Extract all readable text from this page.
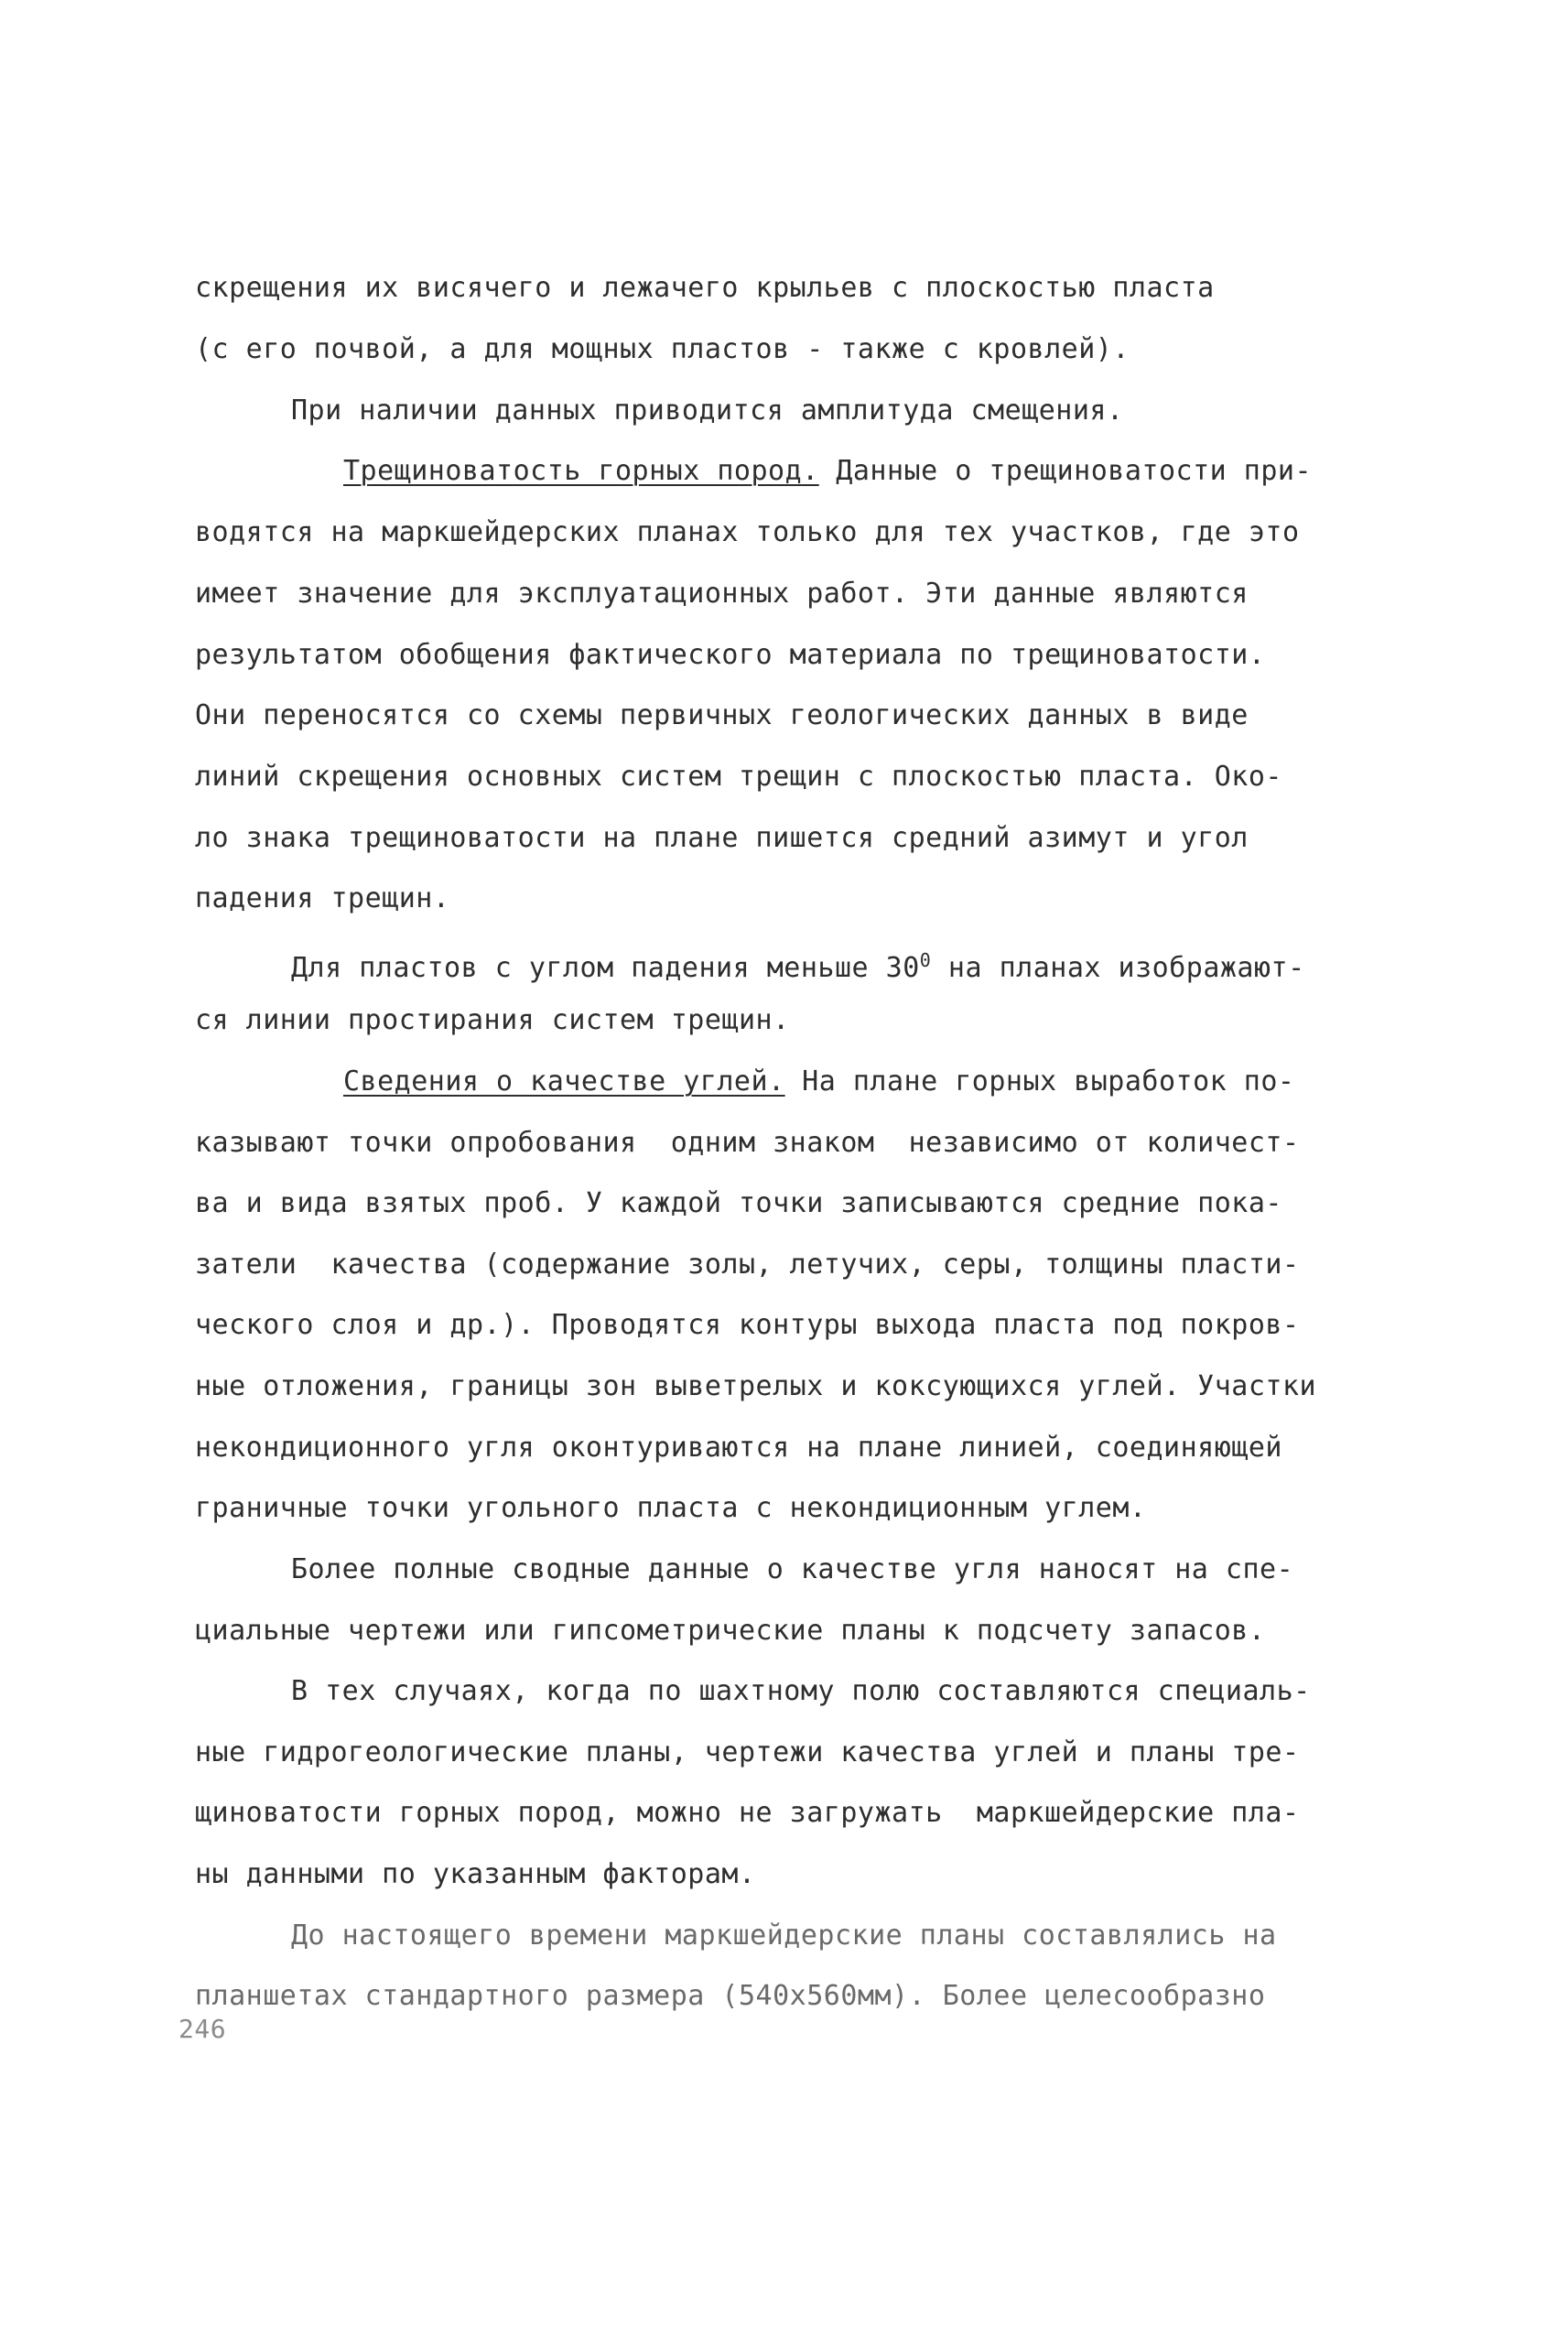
скрещения их висячего и лежачего крыльев с плоскостью пласта
(с его почвой, а для мощных пластов - также с кровлей).
При наличии данных приводится амплитуда смещения.
Трещиноватость горных пород. Данные о трещиноватости при-
водятся на маркшейдерских планах только для тех участков, где это
имеет значение для эксплуатационных работ. Эти данные являются
результатом обобщения фактического материала по трещиноватости.
Они переносятся со схемы первичных геологических данных в виде
линий скрещения основных систем трещин с плоскостью пласта. Око-
ло знака трещиноватости на плане пишется средний азимут и угол
падения трещин.
Для пластов с углом падения меньше $30^0$ на планах изображают-
ся линии простирания систем трещин.
Сведения о качестве углей. На плане горных выработок по-
казывают точки опробования  одним знаком  независимо от количест-
ва и вида взятых проб. У каждой точки записываются средние пока-
затели  качества (содержание золы, летучих, серы, толщины пласти-
ческого слоя и др.). Проводятся контуры выхода пласта под покров-
ные отложения, границы зон выветрелых и коксующихся углей. Участки
некондиционного угля оконтуриваются на плане линией, соединяющей
граничные точки угольного пласта с некондиционным углем.
Более полные сводные данные о качестве угля наносят на спе-
циальные чертежи или гипсометрические планы к подсчету запасов.
В тех случаях, когда по шахтному полю составляются специаль-
ные гидрогеологические планы, чертежи качества углей и планы тре-
щиноватости горных пород, можно не загружать  маркшейдерские пла-
ны данными по указанным факторам.
До настоящего времени маркшейдерские планы составлялись на
планшетах стандартного размера (540x560мм). Более целесообразно
246
